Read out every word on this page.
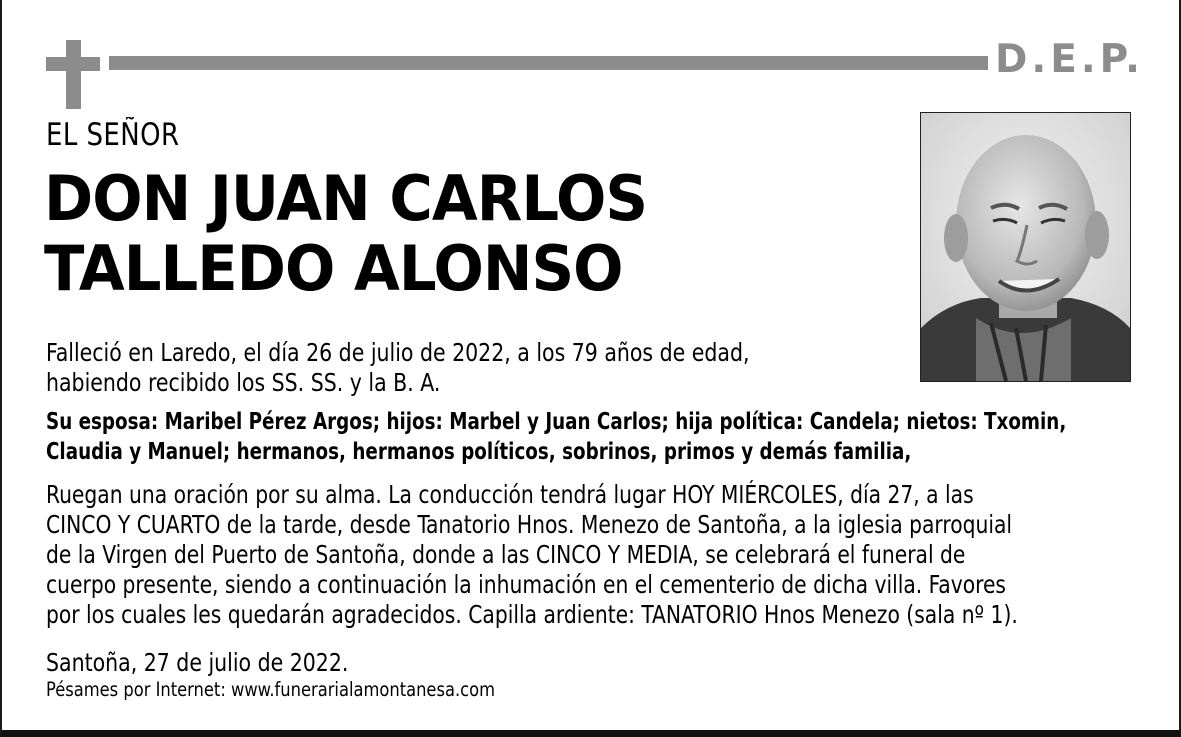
D.E.P.
EL SEÑOR
DON JUAN CARLOS
TALLEDO ALONSO

Falleció en Laredo, el día 26 de julio de 2022, a los 79 años de edad,
habiendo recibido los SS. SS. y la B. A.

Su esposa: Maribel Pérez Argos; hijos: Marbel y Juan Carlos; hija política: Candela; nietos: Txomin,
Claudia y Manuel; hermanos, hermanos políticos, sobrinos, primos y demás familia,

Ruegan una oración por su alma. La conducción tendrá lugar HOY MIÉRCOLES, día 27, a las
CINCO Y CUARTO de la tarde, desde Tanatorio Hnos. Menezo de Santoña, a la iglesia parroquial
de la Virgen del Puerto de Santoña, donde a las CINCO Y MEDIA, se celebrará el funeral de
cuerpo presente, siendo a continuación la inhumación en el cementerio de dicha villa. Favores
por los cuales les quedarán agradecidos. Capilla ardiente: TANATORIO Hnos Menezo (sala nº 1).

Santoña, 27 de julio de 2022.

Pésames por Internet: www.funerarialamontanesa.com
